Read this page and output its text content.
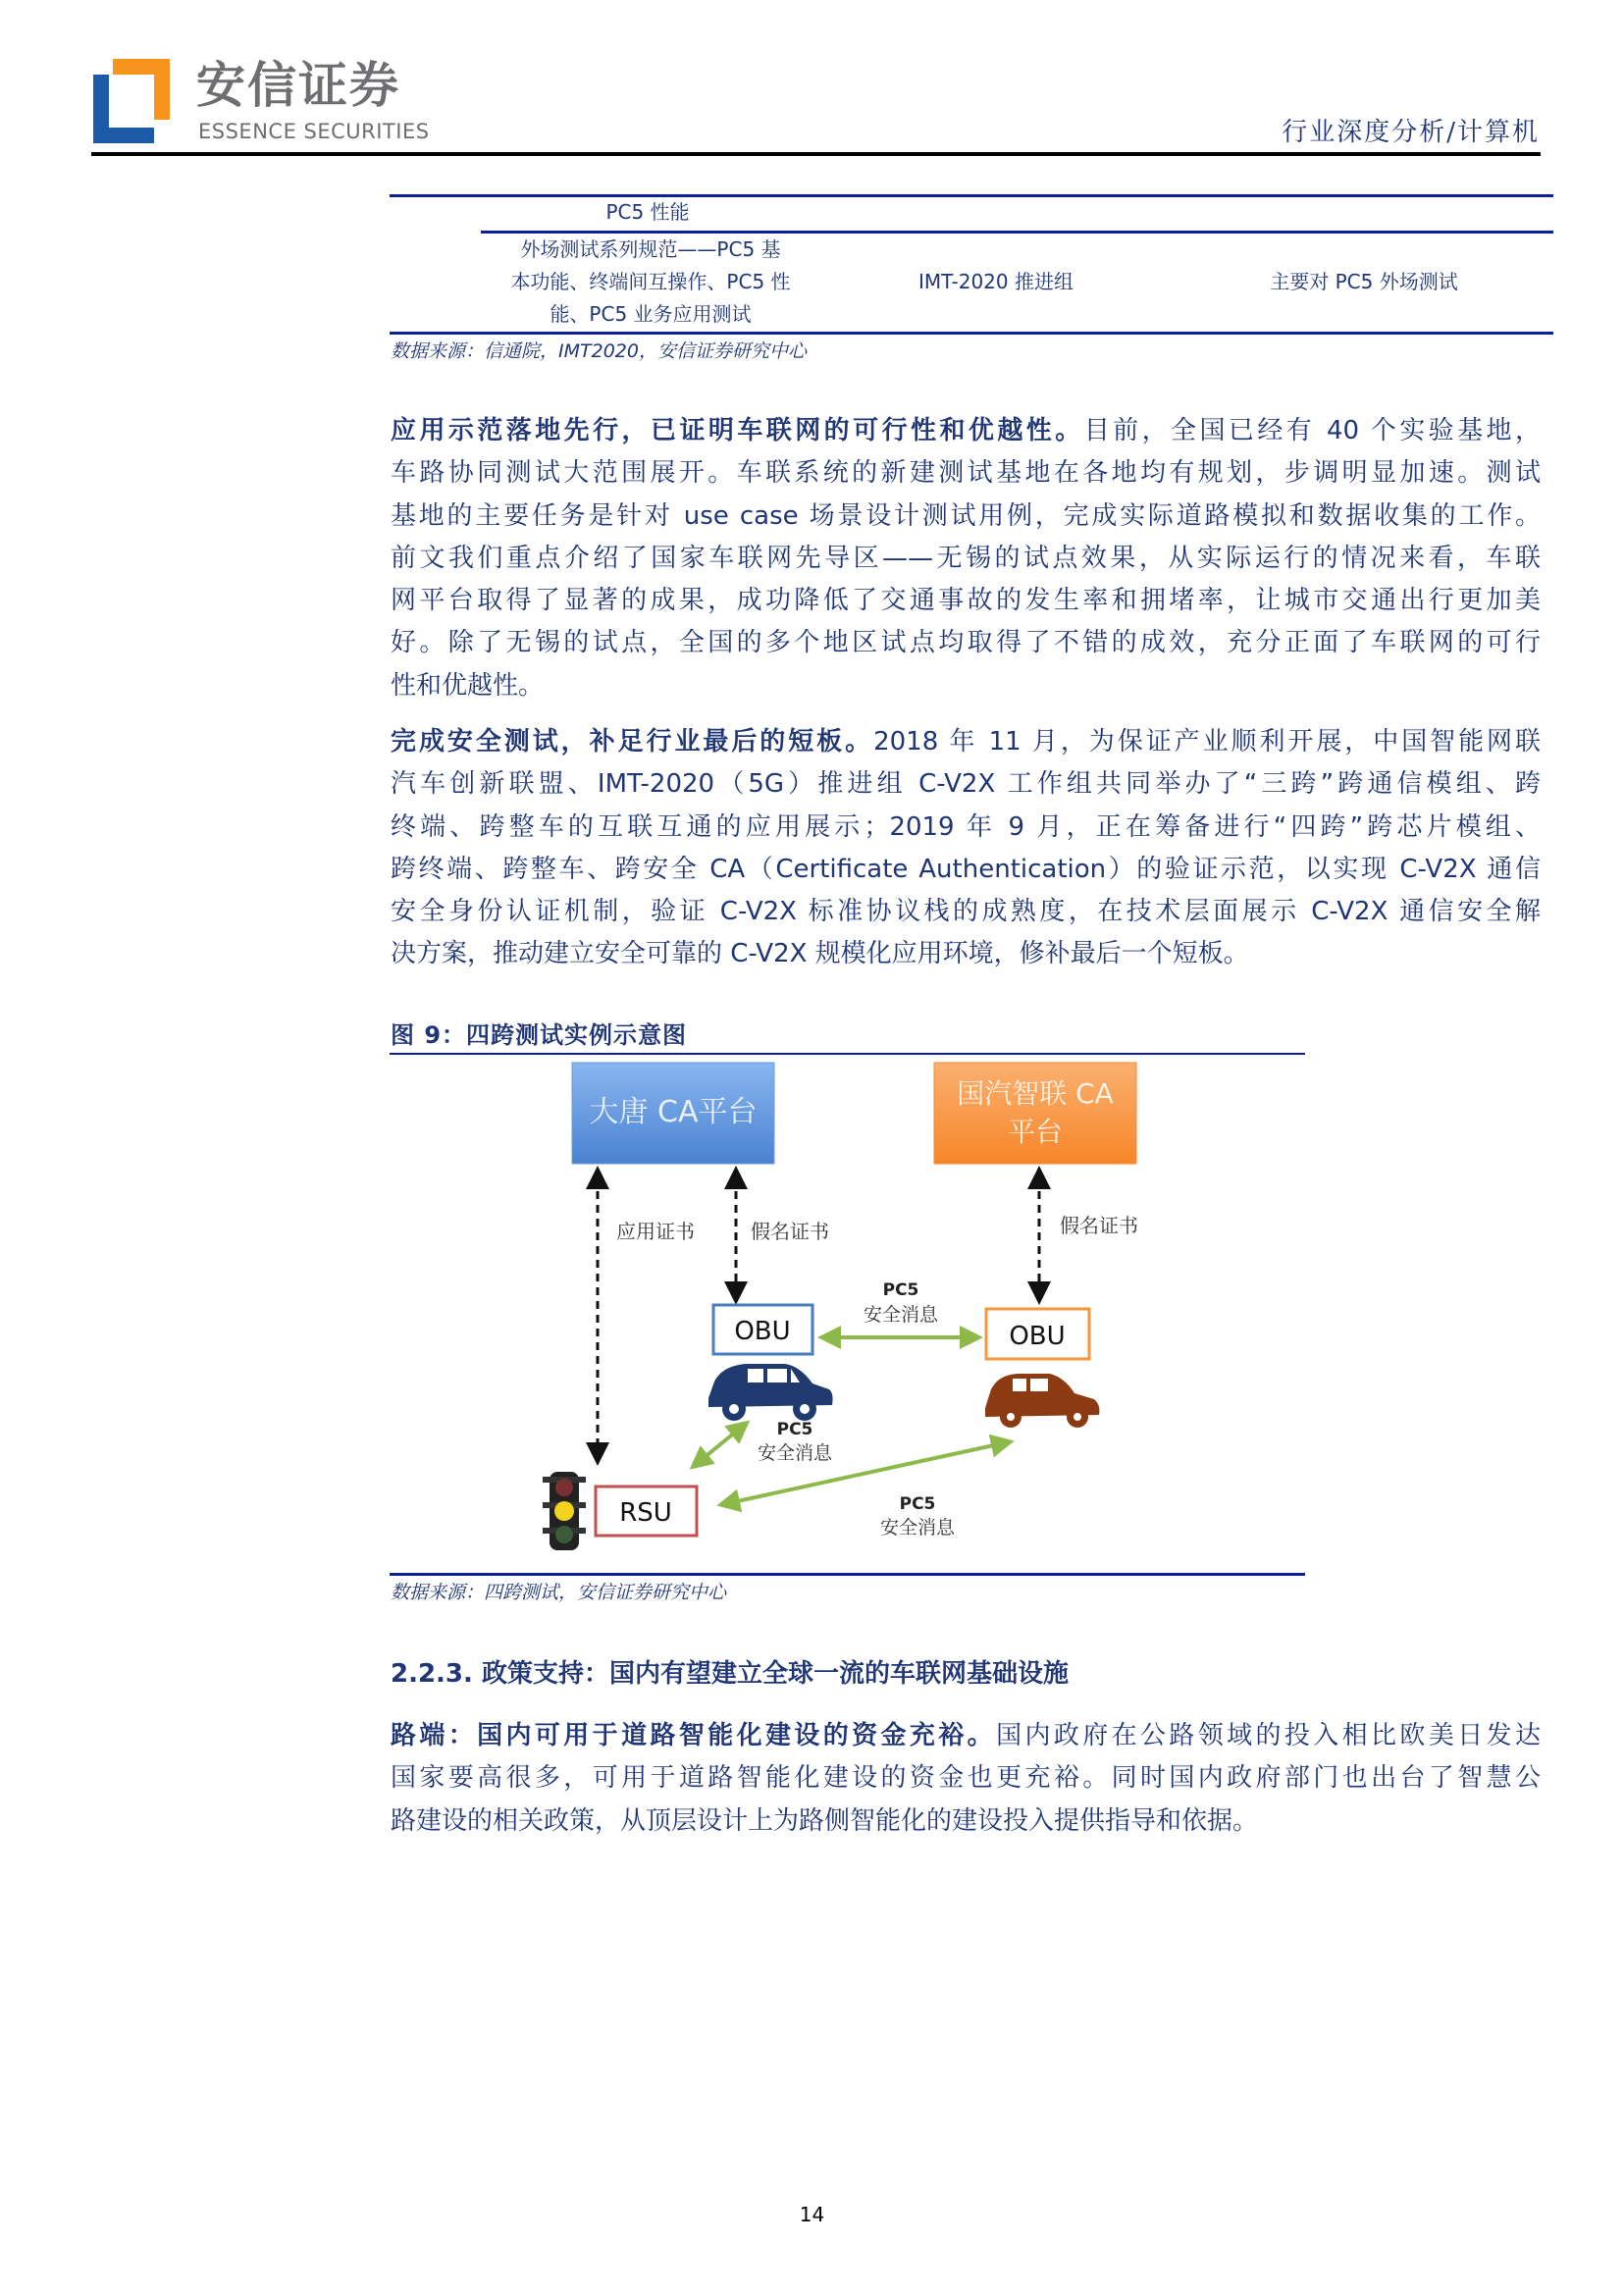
安信证券
ESSENCE SECURITIES	行业深度分析/计算机
PC5 性能
外场测试系列规范——PC5 基
本功能、终端间互操作、PC5 性
能、PC5 业务应用测试
IMT-2020 推进组	主要对 PC5 外场测试
数据来源：信通院，IMT2020，安信证券研究中心
应用示范落地先行，已证明车联网的可行性和优越性。目前，全国已经有 40 个实验基地，
车路协同测试大范围展开。车联系统的新建测试基地在各地均有规划，步调明显加速。测试
基地的主要任务是针对 use case 场景设计测试用例，完成实际道路模拟和数据收集的工作。
前文我们重点介绍了国家车联网先导区——无锡的试点效果，从实际运行的情况来看，车联
网平台取得了显著的成果，成功降低了交通事故的发生率和拥堵率，让城市交通出行更加美
好。除了无锡的试点，全国的多个地区试点均取得了不错的成效，充分正面了车联网的可行
性和优越性。
完成安全测试，补足行业最后的短板。2018 年 11 月，为保证产业顺利开展，中国智能网联
汽车创新联盟、IMT-2020（5G）推进组 C-V2X 工作组共同举办了“三跨”跨通信模组、跨
终端、跨整车的互联互通的应用展示；2019 年 9 月，正在筹备进行“四跨”跨芯片模组、
跨终端、跨整车、跨安全 CA（Certificate Authentication）的验证示范，以实现 C-V2X 通信
安全身份认证机制，验证 C-V2X 标准协议栈的成熟度，在技术层面展示 C-V2X 通信安全解
决方案，推动建立安全可靠的 C-V2X 规模化应用环境，修补最后一个短板。
图 9：四跨测试实例示意图
大唐 CA平台
国汽智联 CA
平台
应用证书	假名证书	假名证书
OBU	OBU
PC5
安全消息
PC5
安全消息
RSU	PC5
安全消息
数据来源：四跨测试，安信证券研究中心
2.2.3. 政策支持：国内有望建立全球一流的车联网基础设施
路端：国内可用于道路智能化建设的资金充裕。国内政府在公路领域的投入相比欧美日发达
国家要高很多，可用于道路智能化建设的资金也更充裕。同时国内政府部门也出台了智慧公
路建设的相关政策，从顶层设计上为路侧智能化的建设投入提供指导和依据。
14
